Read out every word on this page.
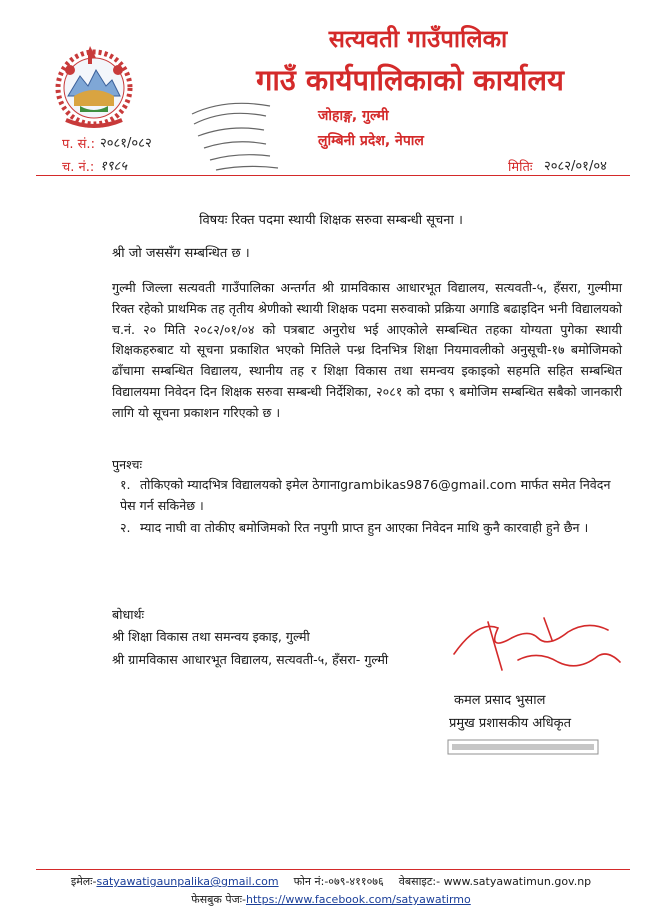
सत्यवती गाउँपालिका
गाउँ कार्यपालिकाको कार्यालय
जोहाङ्ग, गुल्मी
लुम्बिनी प्रदेश, नेपाल
प. सं.: २०८१/०८२
च. नं.: १९८५	मितिः २०८२/०१/०४
विषयः रिक्त पदमा स्थायी शिक्षक सरुवा सम्बन्धी सूचना ।
श्री जो जससँग सम्बन्धित छ ।

गुल्मी जिल्ला सत्यवती गाउँपालिका अन्तर्गत श्री ग्रामविकास आधारभूत विद्यालय, सत्यवती-५, हँसरा, गुल्मीमा रिक्त रहेको प्राथमिक तह तृतीय श्रेणीको स्थायी शिक्षक पदमा सरुवाको प्रक्रिया अगाडि बढाइदिन भनी विद्यालयको च.नं. २० मिति २०८२/०१/०४ को पत्रबाट अनुरोध भई आएकोले सम्बन्धित तहका योग्यता पुगेका स्थायी शिक्षकहरुबाट यो सूचना प्रकाशित भएको मितिले पन्ध्र दिनभित्र शिक्षा नियमावलीको अनुसूची-१७ बमोजिमको ढाँचामा सम्बन्धित विद्यालय, स्थानीय तह र शिक्षा विकास तथा समन्वय इकाइको सहमति सहित सम्बन्धित विद्यालयमा निवेदन दिन शिक्षक सरुवा सम्बन्धी निर्देशिका, २०८१ को दफा ९ बमोजिम सम्बन्धित सबैको जानकारी लागि यो सूचना प्रकाशन गरिएको छ ।

पुनश्चः
१. तोकिएको म्यादभित्र विद्यालयको इमेल ठेगानाgrambikas9876@gmail.com मार्फत समेत निवेदन पेस गर्न सकिनेछ ।
२. म्याद नाघी वा तोकीए बमोजिमको रित नपुगी प्राप्त हुन आएका निवेदन माथि कुनै कारवाही हुने छैन ।
बोधार्थः
श्री शिक्षा विकास तथा समन्वय इकाइ, गुल्मी
श्री ग्रामविकास आधारभूत विद्यालय, सत्यवती-५, हँसरा- गुल्मी
कमल प्रसाद भुसाल
प्रमुख प्रशासकीय अधिकृत
इमेलः-satyawatigaunpalika@gmail.com फोन नं:-०७९-४११०७६ वेबसाइट:- www.satyawatimun.gov.np
फेसबुक पेजः-https://www.facebook.com/satyawatirmo
